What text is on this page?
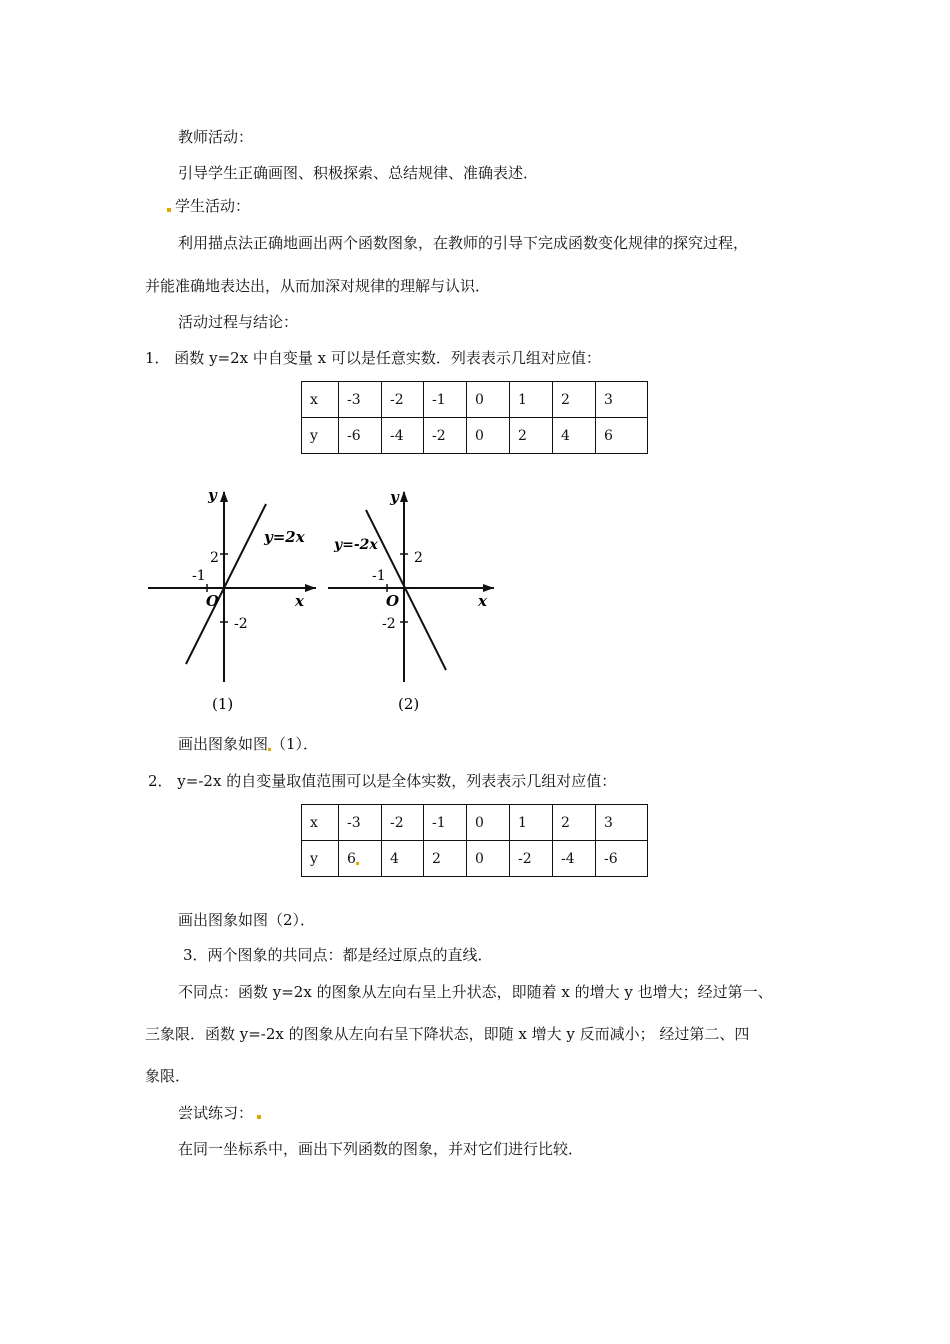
教师活动：
引导学生正确画图、积极探索、总结规律、准确表述．
学生活动：
利用描点法正确地画出两个函数图象，在教师的引导下完成函数变化规律的探究过程，
并能准确地表达出，从而加深对规律的理解与认识．
活动过程与结论：
1． 函数 y=2x 中自变量 x 可以是任意实数．列表表示几组对应值：
x	-3	-2	-1	0	1	2	3
y	-6	-4	-2	0	2	4	6
y=2x
2
-1
-2
O	x
y
(1)
y=-2x
2
-1
-2
O	x
y
(2)
画出图象如图 （1）．
2． y=-2x 的自变量取值范围可以是全体实数，列表表示几组对应值：
x	-3	-2	-1	0	1	2	3
y	6	4	2	0	-2	-4	-6
画出图象如图（2）．
3．两个图象的共同点：都是经过原点的直线．
不同点：函数 y=2x 的图象从左向右呈上升状态，即随着 x 的增大 y 也增大；经过第一、
三象限．函数 y=-2x 的图象从左向右呈下降状态，即随 x 增大 y 反而减小； 经过第二、四
象限．
尝试练习：
在同一坐标系中，画出下列函数的图象，并对它们进行比较．
